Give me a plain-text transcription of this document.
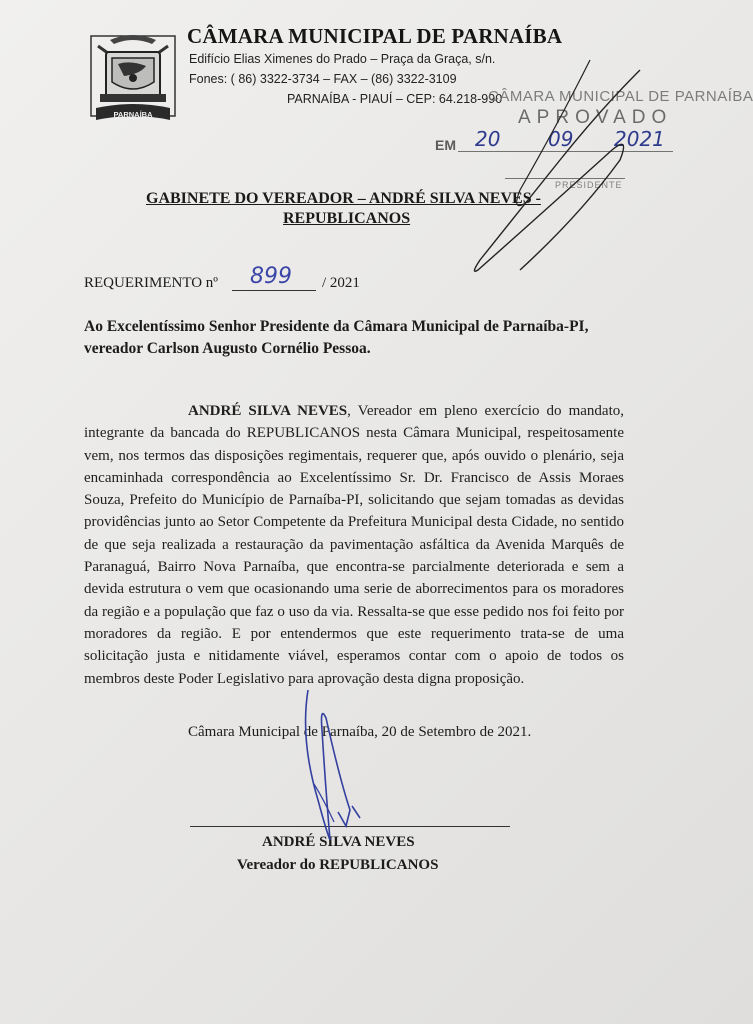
PARNAÍBA
CÂMARA MUNICIPAL DE PARNAÍBA
Edifício Elias Ximenes do Prado – Praça da Graça, s/n.
Fones: ( 86) 3322-3734 – FAX – (86) 3322-3109
PARNAÍBA - PIAUÍ – CEP: 64.218-990
CÂMARA MUNICIPAL DE PARNAÍBA
APROVADO
EM 20 09 2021
PRESIDENTE
GABINETE DO VEREADOR – ANDRÉ SILVA NEVES -
REPUBLICANOS
REQUERIMENTO nº 899 / 2021
Ao Excelentíssimo Senhor Presidente da Câmara Municipal de Parnaíba-PI,
vereador Carlson Augusto Cornélio Pessoa.
ANDRÉ SILVA NEVES, Vereador em pleno exercício do mandato, integrante da bancada do REPUBLICANOS nesta Câmara Municipal, respeitosamente vem, nos termos das disposições regimentais, requerer que, após ouvido o plenário, seja encaminhada correspondência ao Excelentíssimo Sr. Dr. Francisco de Assis Moraes Souza, Prefeito do Município de Parnaíba-PI, solicitando que sejam tomadas as devidas providências junto ao Setor Competente da Prefeitura Municipal desta Cidade, no sentido de que seja realizada a restauração da pavimentação asfáltica da Avenida Marquês de Paranaguá, Bairro Nova Parnaíba, que encontra-se parcialmente deteriorada e sem a devida estrutura o vem que ocasionando uma serie de aborrecimentos para os moradores da região e a população que faz o uso da via. Ressalta-se que esse pedido nos foi feito por moradores da região. E por entendermos que este requerimento trata-se de uma solicitação justa e nitidamente viável, esperamos contar com o apoio de todos os membros deste Poder Legislativo para aprovação desta digna proposição.
Câmara Municipal de Parnaíba, 20 de Setembro de 2021.
ANDRÉ SILVA NEVES
Vereador do REPUBLICANOS
